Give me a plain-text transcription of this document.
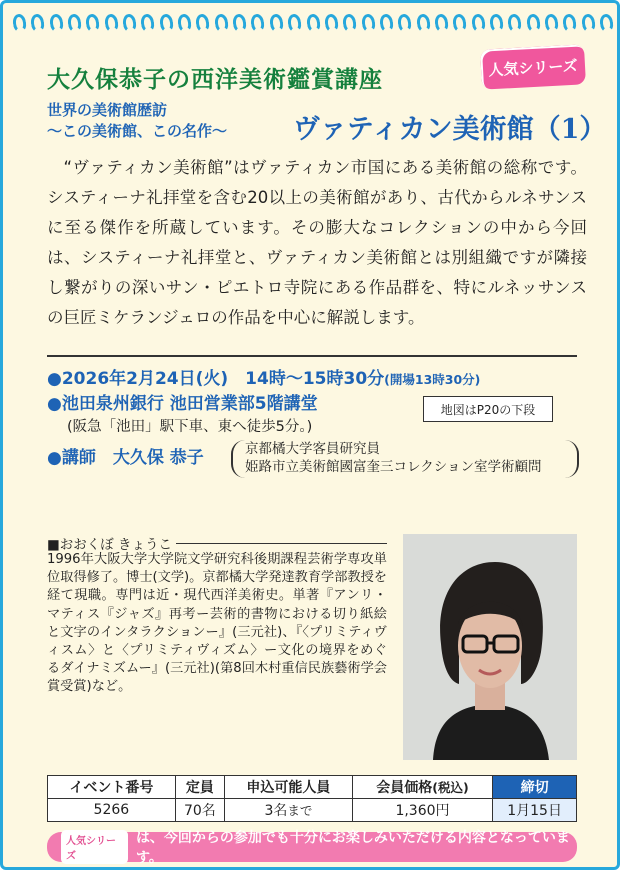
大久保恭子の西洋美術鑑賞講座	人気シリーズ
世界の美術館歴訪
〜この美術館、この名作〜 ヴァティカン美術館（1）

“ヴァティカン美術館”はヴァティカン市国にある美術館の総称です。システィーナ礼拝堂を含む20以上の美術館があり、古代からルネサンスに至る傑作を所蔵しています。その膨大なコレクションの中から今回は、システィーナ礼拝堂と、ヴァティカン美術館とは別組織ですが隣接し繋がりの深いサン・ピエトロ寺院にある作品群を、特にルネッサンスの巨匠ミケランジェロの作品を中心に解説します。

●2026年2月24日(火)　14時〜15時30分(開場13時30分)
●池田泉州銀行 池田営業部5階講堂
(阪急「池田」駅下車、東へ徒歩5分。)
地図はP20の下段
●講師　大久保 恭子	京都橘大学客員研究員
姫路市立美術館國富奎三コレクション室学術顧問
■おおくぼ きょうこ

1996年大阪大学大学院文学研究科後期課程芸術学専攻単位取得修了。博士(文学)。京都橘大学発達教育学部教授を経て現職。専門は近・現代西洋美術史。単著『アンリ・マティス『ジャズ』再考ー芸術的書物における切り紙絵と文字のインタラクションー』(三元社)、『〈プリミティヴィスム〉と〈プリミティヴィズム〉ー文化の境界をめぐるダイナミズムー』(三元社)(第8回木村重信民族藝術学会賞受賞)など。

イベント番号	定員	申込可能人員	会員価格(税込)	締切
5266	70名	3名まで	1,360円	1月15日
人気シリーズ
は、今回からの参加でも十分にお楽しみいただける内容となっています。
